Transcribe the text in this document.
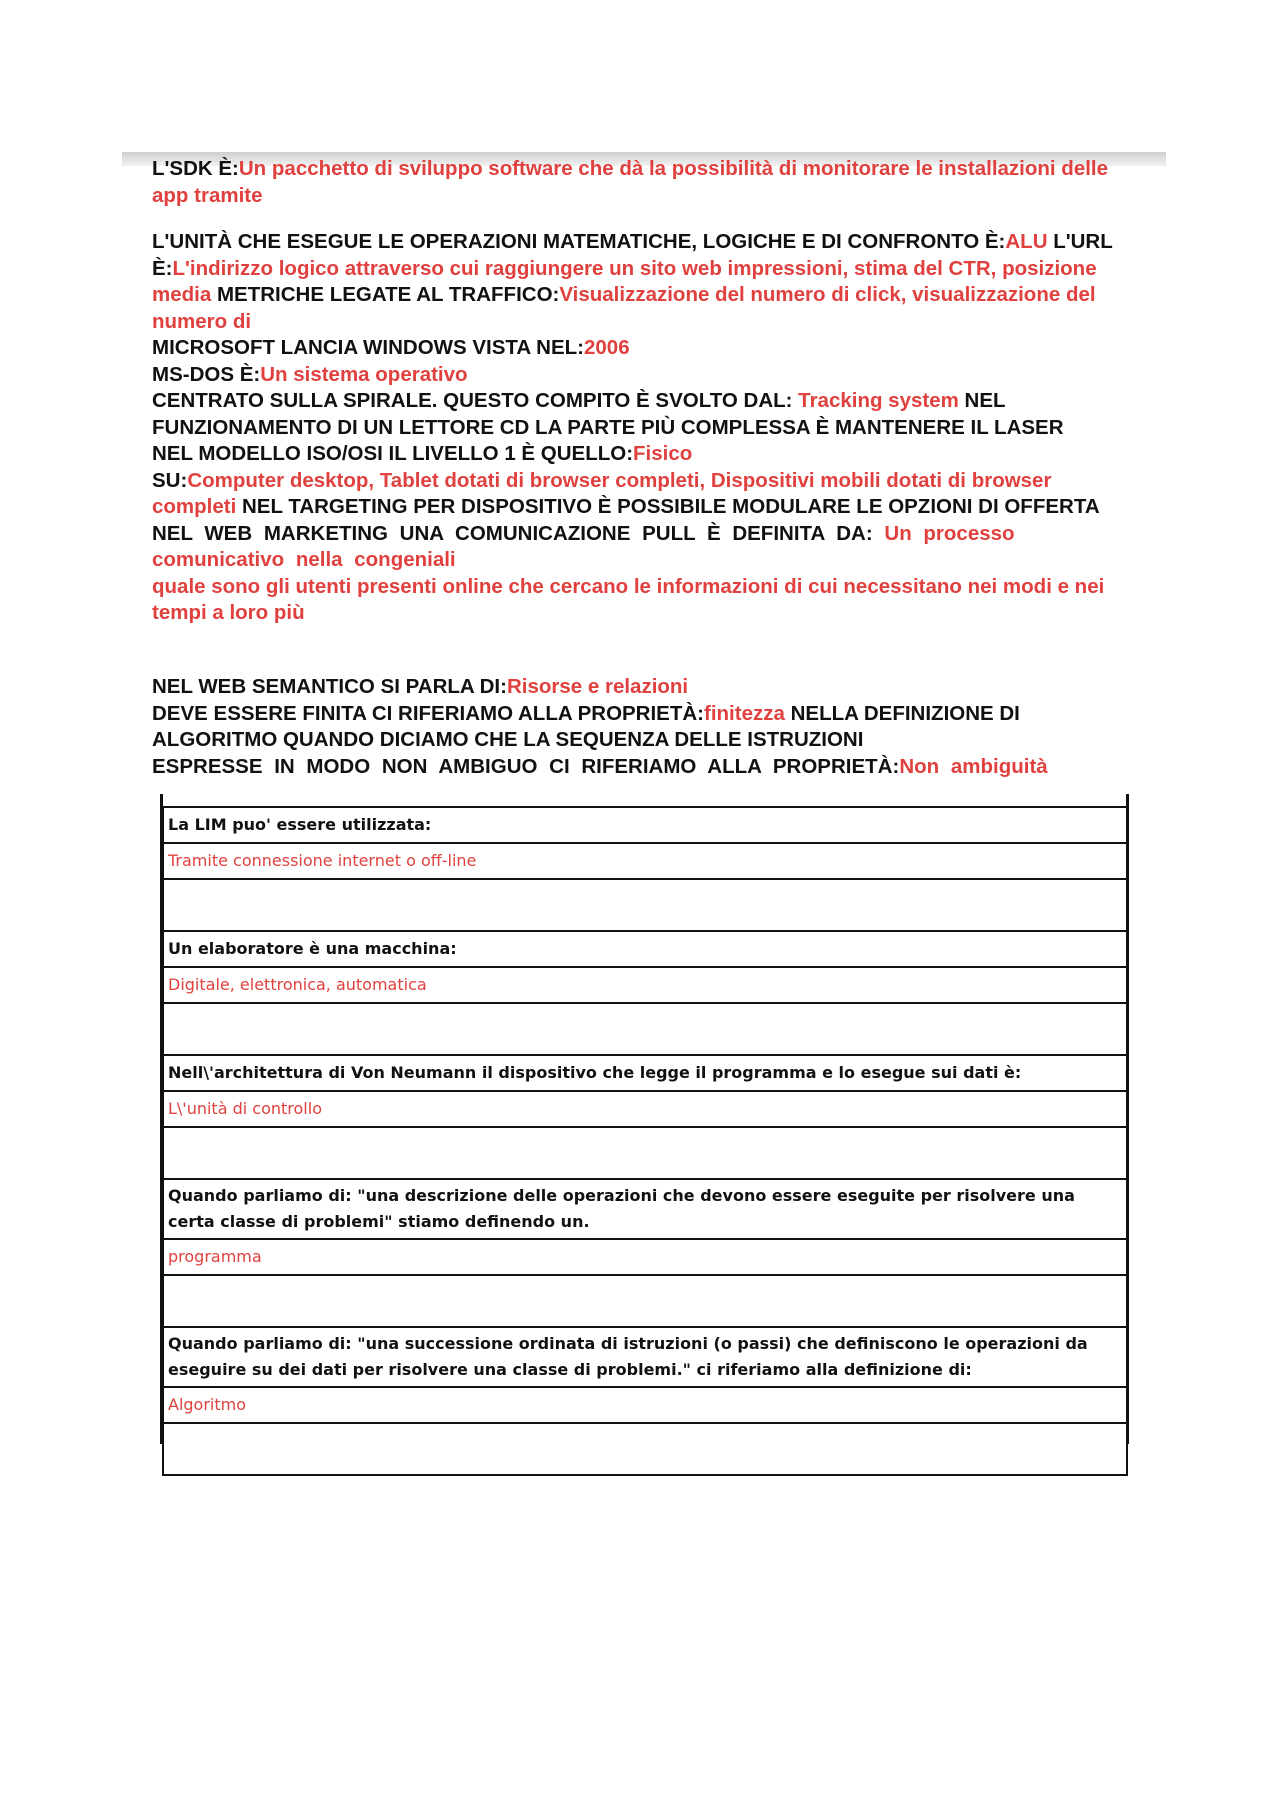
L'SDK È:Un pacchetto di sviluppo software che dà la possibilità di monitorare le installazioni delle app tramite

L'UNITÀ CHE ESEGUE LE OPERAZIONI MATEMATICHE, LOGICHE E DI CONFRONTO È:ALU L'URL È:L'indirizzo logico attraverso cui raggiungere un sito web impressioni, stima del CTR, posizione media METRICHE LEGATE AL TRAFFICO:Visualizzazione del numero di click, visualizzazione del numero di

MICROSOFT LANCIA WINDOWS VISTA NEL:2006

MS-DOS È:Un sistema operativo

CENTRATO SULLA SPIRALE. QUESTO COMPITO È SVOLTO DAL: Tracking system NEL FUNZIONAMENTO DI UN LETTORE CD LA PARTE PIÙ COMPLESSA È MANTENERE IL LASER

NEL MODELLO ISO/OSI IL LIVELLO 1 È QUELLO:Fisico

SU:Computer desktop, Tablet dotati di browser completi, Dispositivi mobili dotati di browser completi NEL TARGETING PER DISPOSITIVO È POSSIBILE MODULARE LE OPZIONI DI OFFERTA

NEL WEB MARKETING UNA COMUNICAZIONE PULL È DEFINITA DA: Un processo comunicativo nella congeniali

quale sono gli utenti presenti online che cercano le informazioni di cui necessitano nei modi e nei tempi a loro più

NEL WEB SEMANTICO SI PARLA DI:Risorse e relazioni

DEVE ESSERE FINITA CI RIFERIAMO ALLA PROPRIETÀ:finitezza NELLA DEFINIZIONE DI ALGORITMO QUANDO DICIAMO CHE LA SEQUENZA DELLE ISTRUZIONI

ESPRESSE IN MODO NON AMBIGUO CI RIFERIAMO ALLA PROPRIETÀ:Non ambiguità

La LIM puo' essere utilizzata:
Tramite connessione internet o off-line

Un elaboratore è una macchina:
Digitale, elettronica, automatica

Nell\'architettura di Von Neumann il dispositivo che legge il programma e lo esegue sui dati è:
L\'unità di controllo

Quando parliamo di: "una descrizione delle operazioni che devono essere eseguite per risolvere una certa classe di problemi" stiamo definendo un.
programma

Quando parliamo di: "una successione ordinata di istruzioni (o passi) che definiscono le operazioni da eseguire su dei dati per risolvere una classe di problemi." ci riferiamo alla definizione di:
Algoritmo
